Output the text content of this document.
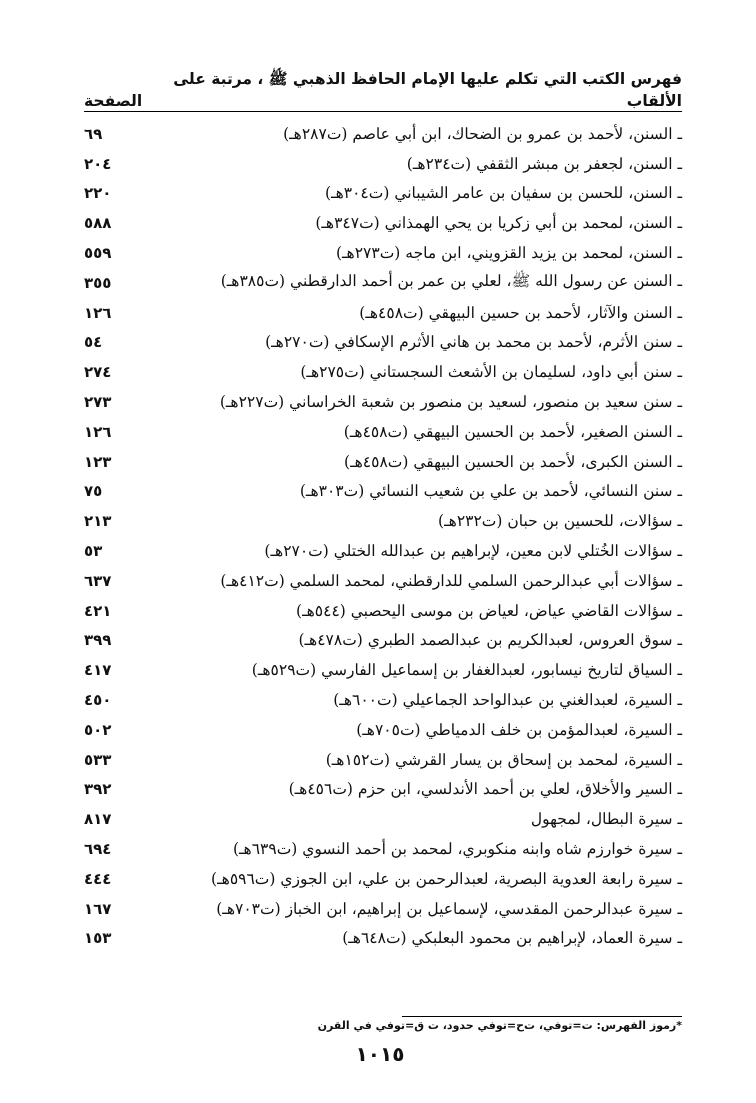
فهرس الكتب التي تكلم عليها الإمام الحافظ الذهبي ﷺ ، مرتبة على الألقاب
الصفحة
ـ السنن، لأحمد بن عمرو بن الضحاك، ابن أبي عاصم (ت٢٨٧هـ)
٦٩
ـ السنن، لجعفر بن مبشر الثقفي (ت٢٣٤هـ)
٢٠٤
ـ السنن، للحسن بن سفيان بن عامر الشيباني (ت٣٠٤هـ)
٢٢٠
ـ السنن، لمحمد بن أبي زكريا بن يحي الهمذاني (ت٣٤٧هـ)
٥٨٨
ـ السنن، لمحمد بن يزيد القزويني، ابن ماجه (ت٢٧٣هـ)
٥٥٩
ـ السنن عن رسول الله ﷺ، لعلي بن عمر بن أحمد الدارقطني (ت٣٨٥هـ)
٣٥٥
ـ السنن والآثار، لأحمد بن حسين البيهقي (ت٤٥٨هـ)
١٢٦
ـ سنن الأثرم، لأحمد بن محمد بن هاني الأثرم الإسكافي (ت٢٧٠هـ)
٥٤
ـ سنن أبي داود، لسليمان بن الأشعث السجستاني (ت٢٧٥هـ)
٢٧٤
ـ سنن سعيد بن منصور، لسعيد بن منصور بن شعبة الخراساني (ت٢٢٧هـ)
٢٧٣
ـ السنن الصغير، لأحمد بن الحسين البيهقي (ت٤٥٨هـ)
١٢٦
ـ السنن الكبرى، لأحمد بن الحسين البيهقي (ت٤٥٨هـ)
١٢٣
ـ سنن النسائي، لأحمد بن علي بن شعيب النسائي (ت٣٠٣هـ)
٧٥
ـ سؤالات، للحسين بن حبان (ت٢٣٢هـ)
٢١٣
ـ سؤالات الخُتلي لابن معين، لإبراهيم بن عبدالله الختلي (ت٢٧٠هـ)
٥٣
ـ سؤالات أبي عبدالرحمن السلمي للدارقطني، لمحمد السلمي (ت٤١٢هـ)
٦٣٧
ـ سؤالات القاضي عياض، لعياض بن موسى اليحصبي (٥٤٤هـ)
٤٢١
ـ سوق العروس، لعبدالكريم بن عبدالصمد الطبري (ت٤٧٨هـ)
٣٩٩
ـ السياق لتاريخ نيسابور، لعبدالغفار بن إسماعيل الفارسي (ت٥٢٩هـ)
٤١٧
ـ السيرة، لعبدالغني بن عبدالواحد الجماعيلي (ت٦٠٠هـ)
٤٥٠
ـ السيرة، لعبدالمؤمن بن خلف الدمياطي (ت٧٠٥هـ)
٥٠٢
ـ السيرة، لمحمد بن إسحاق بن يسار القرشي (ت١٥٢هـ)
٥٣٣
ـ السير والأخلاق، لعلي بن أحمد الأندلسي، ابن حزم (ت٤٥٦هـ)
٣٩٢
ـ سيرة البطال، لمجهول
٨١٧
ـ سيرة خوارزم شاه وابنه منكوبري، لمحمد بن أحمد النسوي (ت٦٣٩هـ)
٦٩٤
ـ سيرة رابعة العدوية البصرية، لعبدالرحمن بن علي، ابن الجوزي (ت٥٩٦هـ)
٤٤٤
ـ سيرة عبدالرحمن المقدسي، لإسماعيل بن إبراهيم، ابن الخباز (ت٧٠٣هـ)
١٦٧
ـ سيرة العماد، لإبراهيم بن محمود البعلبكي (ت٦٤٨هـ)
١٥٣
*رموز الفهرس: ت=توفي، ت‌ح=توفي حدود، ت ق=توفي في القرن
١٠١٥
